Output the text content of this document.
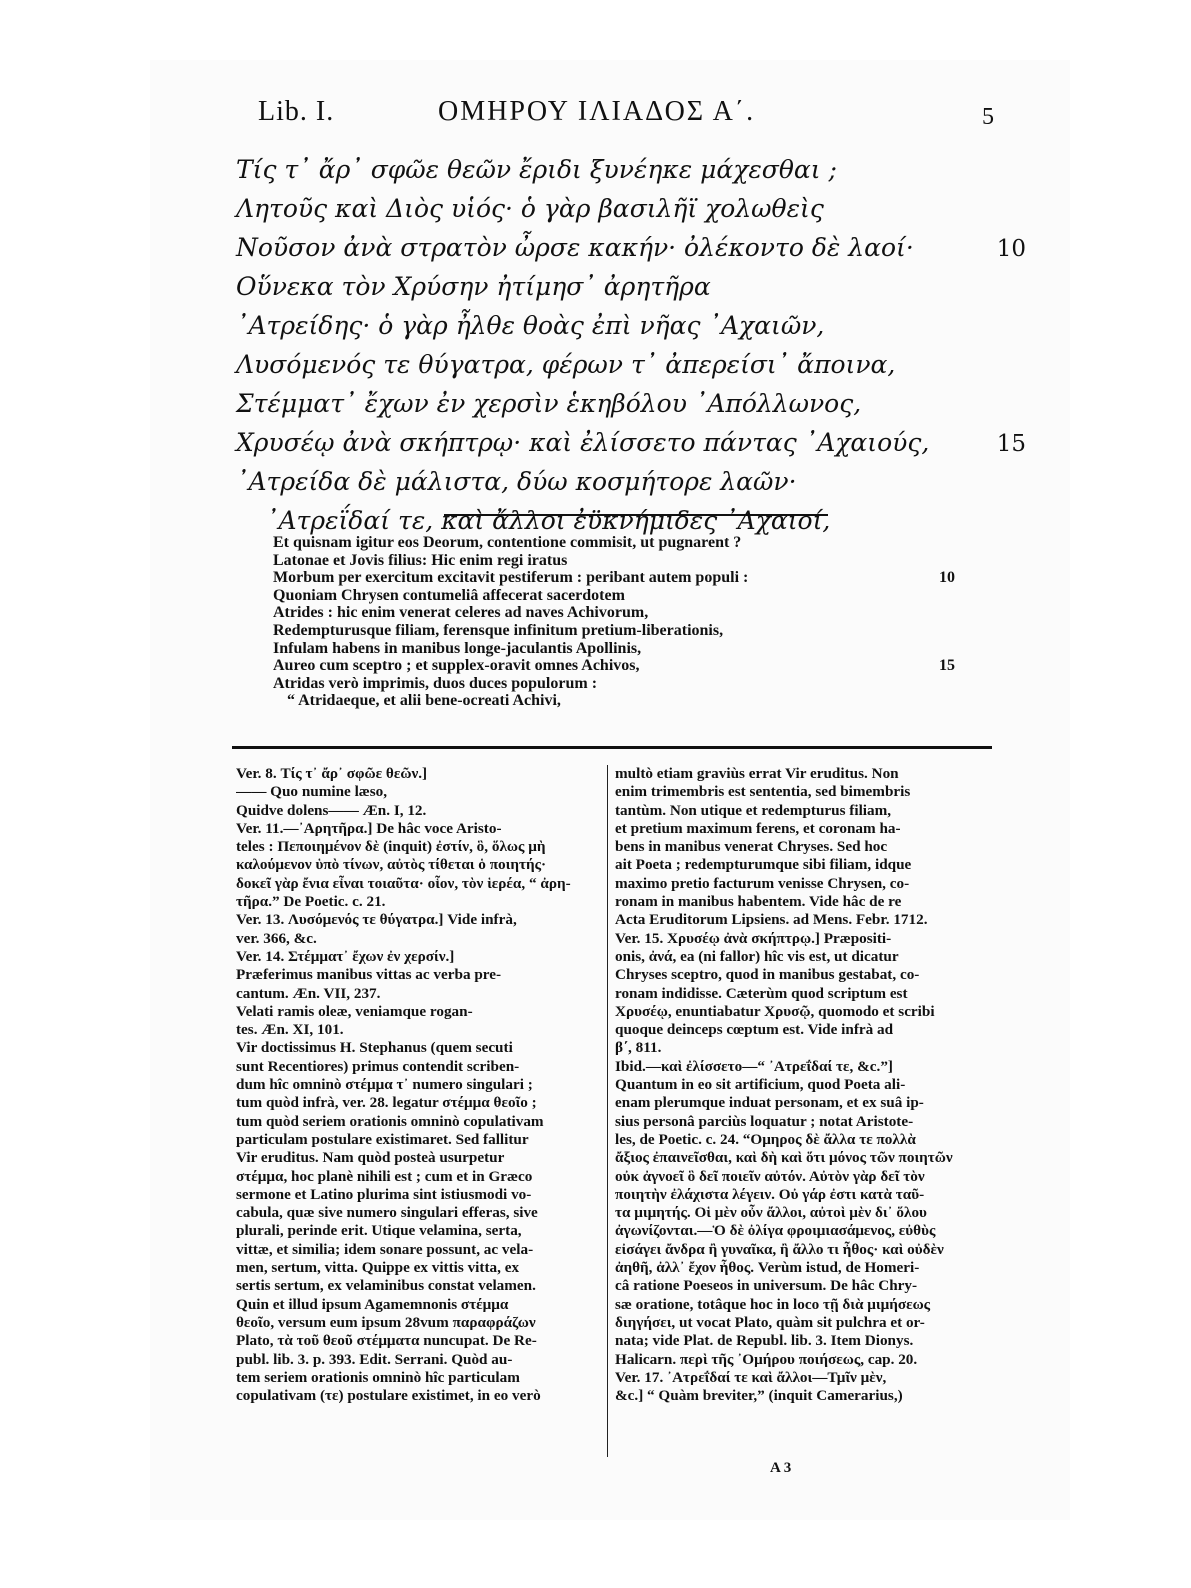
Lib. I.	ΟΜΗΡΟΥ ΙΛΙΑΔΟΣ Α΄.	5
Τίς τ᾽ ἄρ᾽ σφῶε θεῶν ἔριδι ξυνέηκε μάχεσθαι ;
Λητοῦς καὶ Διὸς υἱός· ὁ γὰρ βασιλῆϊ χολωθεὶς
Νοῦσον ἀνὰ στρατὸν ὦρσε κακήν· ὀλέκοντο δὲ λαοί·	10
Οὕνεκα τὸν Χρύσην ἠτίμησ᾽ ἀρητῆρα
᾽Ατρείδης· ὁ γὰρ ἦλθε θοὰς ἐπὶ νῆας ᾽Αχαιῶν,
Λυσόμενός τε θύγατρα, φέρων τ᾽ ἀπερείσι᾽ ἄποινα,
Στέμματ᾽ ἔχων ἐν χερσὶν ἑκηβόλου ᾽Απόλλωνος,
Χρυσέῳ ἀνὰ σκήπτρῳ· καὶ ἐλίσσετο πάντας ᾽Αχαιούς,	15
᾽Ατρείδα δὲ μάλιστα, δύω κοσμήτορε λαῶν·
᾽Ατρεΐδαί τε, καὶ ἄλλοι ἐϋκνήμιδες ᾽Αχαιοί,
Et quisnam igitur eos Deorum, contentione commisit, ut pugnarent ?
Latonae et Jovis filius: Hic enim regi iratus
Morbum per exercitum excitavit pestiferum : peribant autem populi :	10
Quoniam Chrysen contumeliâ affecerat sacerdotem
Atrides : hic enim venerat celeres ad naves Achivorum,
Redempturusque filiam, ferensque infinitum pretium-liberationis,
Infulam habens in manibus longe-jaculantis Apollinis,
Aureo cum sceptro ; et supplex-oravit omnes Achivos,	15
Atridas verò imprimis, duos duces populorum :
“ Atridaeque, et alii bene-ocreati Achivi,
Ver. 8. Τίς τ᾽ ἄρ᾽ σφῶε θεῶν.]
—— Quo numine læso,
Quidve dolens—— Æn. I, 12.
Ver. 11.—᾽Αρητῆρα.] De hâc voce Aristo-
teles : Πεποιημένον δὲ (inquit) ἐστίν, ὃ, ὅλως μὴ
καλούμενον ὑπὸ τίνων, αὐτὸς τίθεται ὁ ποιητής·
δοκεῖ γὰρ ἔνια εἶναι τοιαῦτα· οἷον, τὸν ἱερέα, “ ἀρη-
τῆρα.” De Poetic. c. 21.
Ver. 13. Λυσόμενός τε θύγατρα.] Vide infrà,
ver. 366, &c.
Ver. 14. Στέμματ᾽ ἔχων ἐν χερσίν.]
Præferimus manibus vittas ac verba pre-
cantum. Æn. VII, 237.
Velati ramis oleæ, veniamque rogan-
tes. Æn. XI, 101.
Vir doctissimus H. Stephanus (quem secuti
sunt Recentiores) primus contendit scriben-
dum hîc omninò στέμμα τ᾽ numero singulari ;
tum quòd infrà, ver. 28. legatur στέμμα θεοῖο ;
tum quòd seriem orationis omninò copulativam
particulam postulare existimaret. Sed fallitur
Vir eruditus. Nam quòd posteà usurpetur
στέμμα, hoc planè nihili est ; cum et in Græco
sermone et Latino plurima sint istiusmodi vo-
cabula, quæ sive numero singulari efferas, sive
plurali, perinde erit. Utique velamina, serta,
vittæ, et similia; idem sonare possunt, ac vela-
men, sertum, vitta. Quippe ex vittis vitta, ex
sertis sertum, ex velaminibus constat velamen.
Quin et illud ipsum Agamemnonis στέμμα
θεοῖο, versum eum ipsum 28vum παραφράζων
Plato, τὰ τοῦ θεοῦ στέμματα nuncupat. De Re-
publ. lib. 3. p. 393. Edit. Serrani. Quòd au-
tem seriem orationis omninò hîc particulam
copulativam (τε) postulare existimet, in eo verò
multò etiam graviùs errat Vir eruditus. Non
enim trimembris est sententia, sed bimembris
tantùm. Non utique et redempturus filiam,
et pretium maximum ferens, et coronam ha-
bens in manibus venerat Chryses. Sed hoc
ait Poeta ; redempturumque sibi filiam, idque
maximo pretio facturum venisse Chrysen, co-
ronam in manibus habentem. Vide hâc de re
Acta Eruditorum Lipsiens. ad Mens. Febr. 1712.
Ver. 15. Χρυσέῳ ἀνὰ σκήπτρῳ.] Præpositi-
onis, ἀνά, ea (ni fallor) hîc vis est, ut dicatur
Chryses sceptro, quod in manibus gestabat, co-
ronam indidisse. Cæterùm quod scriptum est
Χρυσέῳ, enuntiabatur Χρυσῷ, quomodo et scribi
quoque deinceps cœptum est. Vide infrà ad
β΄, 811.
Ibid.—καὶ ἐλίσσετο—“ ᾽Ατρεΐδαί τε, &c.”]
Quantum in eo sit artificium, quod Poeta ali-
enam plerumque induat personam, et ex suâ ip-
sius personâ parciùs loquatur ; notat Aristote-
les, de Poetic. c. 24. “Ομηρος δὲ ἄλλα τε πολλὰ
ἄξιος ἐπαινεῖσθαι, καὶ δὴ καὶ ὅτι μόνος τῶν ποιητῶν
οὐκ ἀγνοεῖ ὃ δεῖ ποιεῖν αὐτόν. Αὐτὸν γὰρ δεῖ τὸν
ποιητὴν ἐλάχιστα λέγειν. Οὐ γάρ ἐστι κατὰ ταῦ-
τα μιμητής. Οἱ μὲν οὖν ἄλλοι, αὐτοὶ μὲν δι᾽ ὅλου
ἀγωνίζονται.—Ὁ δὲ ὀλίγα φροιμιασάμενος, εὐθὺς
εἰσάγει ἄνδρα ἢ γυναῖκα, ἢ ἄλλο τι ἦθος· καὶ οὐδὲν
ἀηθῆ, ἀλλ᾽ ἔχον ἦθος. Verùm istud, de Homeri-
câ ratione Poeseos in universum. De hâc Chry-
sæ oratione, totâque hoc in loco τῇ διὰ μιμήσεως
διηγήσει, ut vocat Plato, quàm sit pulchra et or-
nata; vide Plat. de Republ. lib. 3. Item Dionys.
Halicarn. περὶ τῆς ᾽Ομήρου ποιήσεως, cap. 20.
Ver. 17. ᾽Ατρεΐδαί τε καὶ ἄλλοι—Τμῖν μὲν,
&c.] “ Quàm breviter,” (inquit Camerarius,)
A 3
